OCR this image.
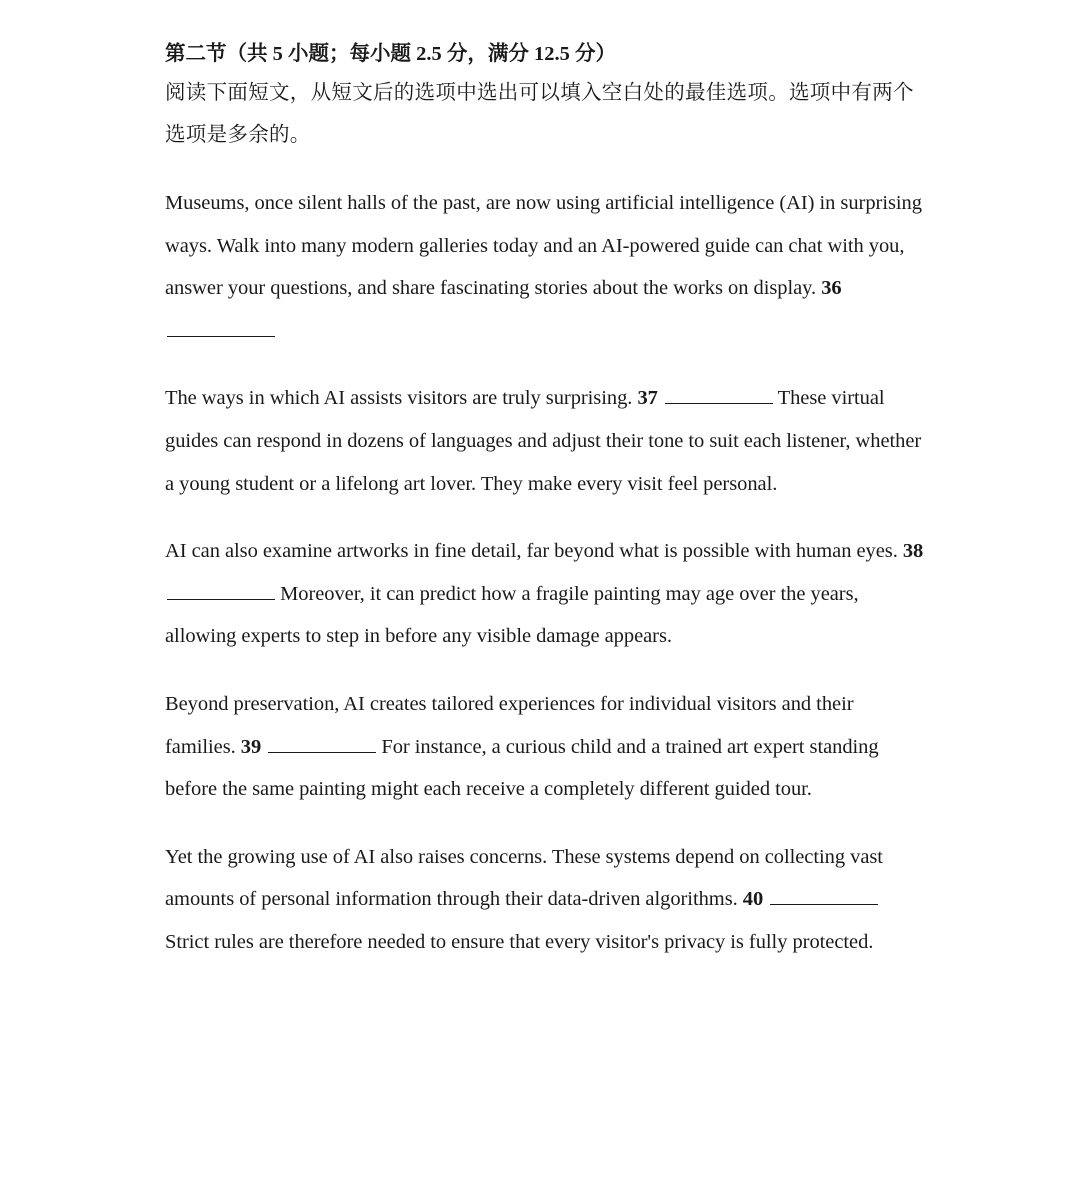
第二节（共 5 小题；每小题 2.5 分，满分 12.5 分）

阅读下面短文，从短文后的选项中选出可以填入空白处的最佳选项。选项中有两个选项是多余的。

Museums, once silent halls of the past, are now using artificial intelligence (AI) in surprising ways. Walk into many modern galleries today and an AI-powered guide can chat with you, answer your questions, and share fascinating stories about the works on display. 36

The ways in which AI assists visitors are truly surprising. 37	These virtual guides can respond in dozens of languages and adjust their tone to suit each listener, whether a young student or a lifelong art lover. They make every visit feel personal.

AI can also examine artworks in fine detail, far beyond what is possible with human eyes. 38  Moreover, it can predict how a fragile painting may age over the years, allowing experts to step in before any visible damage appears.

Beyond preservation, AI creates tailored experiences for individual visitors and their families. 39	For instance, a curious child and a trained art expert standing before the same painting might each receive a completely different guided tour.

Yet the growing use of AI also raises concerns. These systems depend on collecting vast amounts of personal information through their data-driven algorithms. 40  Strict rules are therefore needed to ensure that every visitor's privacy is fully protected.
